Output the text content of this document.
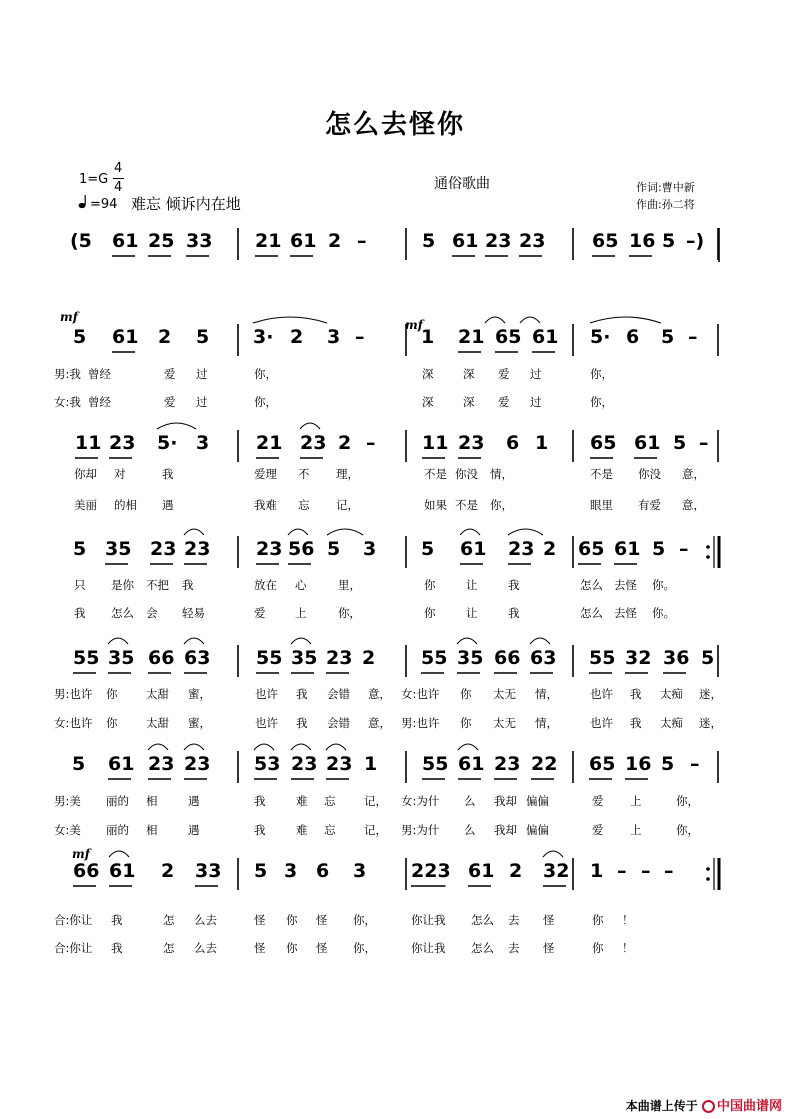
怎么去怪你
1=G
4
4
=94 难忘 倾诉内在地
通俗歌曲	作词:曹中新
作曲:孙二将
mf
mf
mf
(5 61 25 33 21 61 2 –	5 61 23 23 65 16 5 –)
5 61 2 5 3· 2 3 –	1 21 65 61 5· 6 5 –
男:我 曾经	爱 过	你，	深	深 爱 过	你，
女:我 曾经	爱 过	你，	深	深 爱 过	你，
11 23 5· 3 21 23 2 – 11 23 6 1 65 61 5 –
你却 对	我	爱理 不 理，	不是 你没 情，	不是 你没 意，
美丽 的相 遇	我难 忘 记，	如果 不是 你，	眼里 有爱 意，
5 35 23 23 23 56 5 3 5 61 23 2 65 61 5 –
只 是你 不把 我	放在 心	里，	你	让	我	怎么 去怪 你。
我 怎么 会 轻易	爱	上	你，	你	让	我	怎么 去怪 你。
55 35 66 63 55 35 23 2 55 35 66 63 55 32 36 5
男:也许 你 太甜 蜜，	也许 我 会错 意， 女:也许 你 太无 情，	也许 我 太痴 迷，
女:也许 你 太甜 蜜，	也许 我 会错 意， 男:也许 你 太无 情，	也许 我 太痴 迷，
5 61 23 23 53 23 23 1 55 61 23 22 65 16 5 –
男:美 丽的 相	遇	我	难 忘 记， 女:为什 么 我却 偏偏	爱 上	你，
女:美 丽的 相	遇	我	难 忘 记， 男:为什 么 我却 偏偏	爱 上	你，
66 61 2 33 5 3 6 3 223 61 2 32 1 – – –
合:你让 我	怎 么去	怪 你 怪 你，	你让我 怎么 去 怪	你 ！
合:你让 我	怎 么去	怪 你 怪 你，	你让我 怎么 去 怪	你 ！
本曲谱上传于 中国曲谱网
